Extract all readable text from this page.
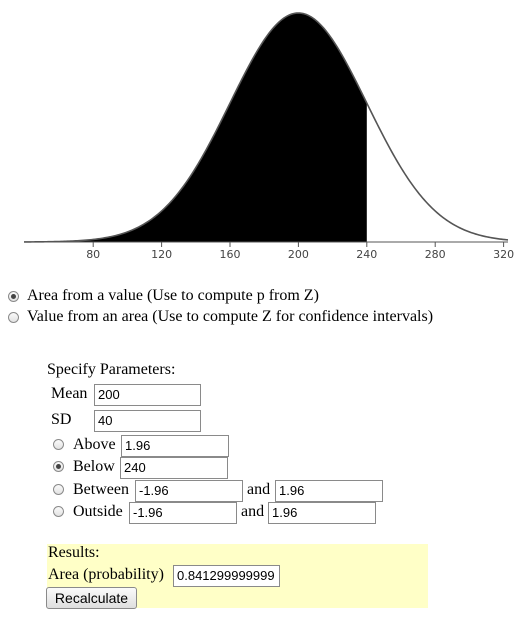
80	120	160	200	240	280	320
Area from a value (Use to compute p from Z)
Value from an area (Use to compute Z for confidence intervals)
Specify Parameters:
Mean 200
SD	40
Above 1.96
Below 240
Between -1.96	and 1.96
Outside -1.96	and 1.96
Results:
Area (probability)	0.841299999999
Recalculate
